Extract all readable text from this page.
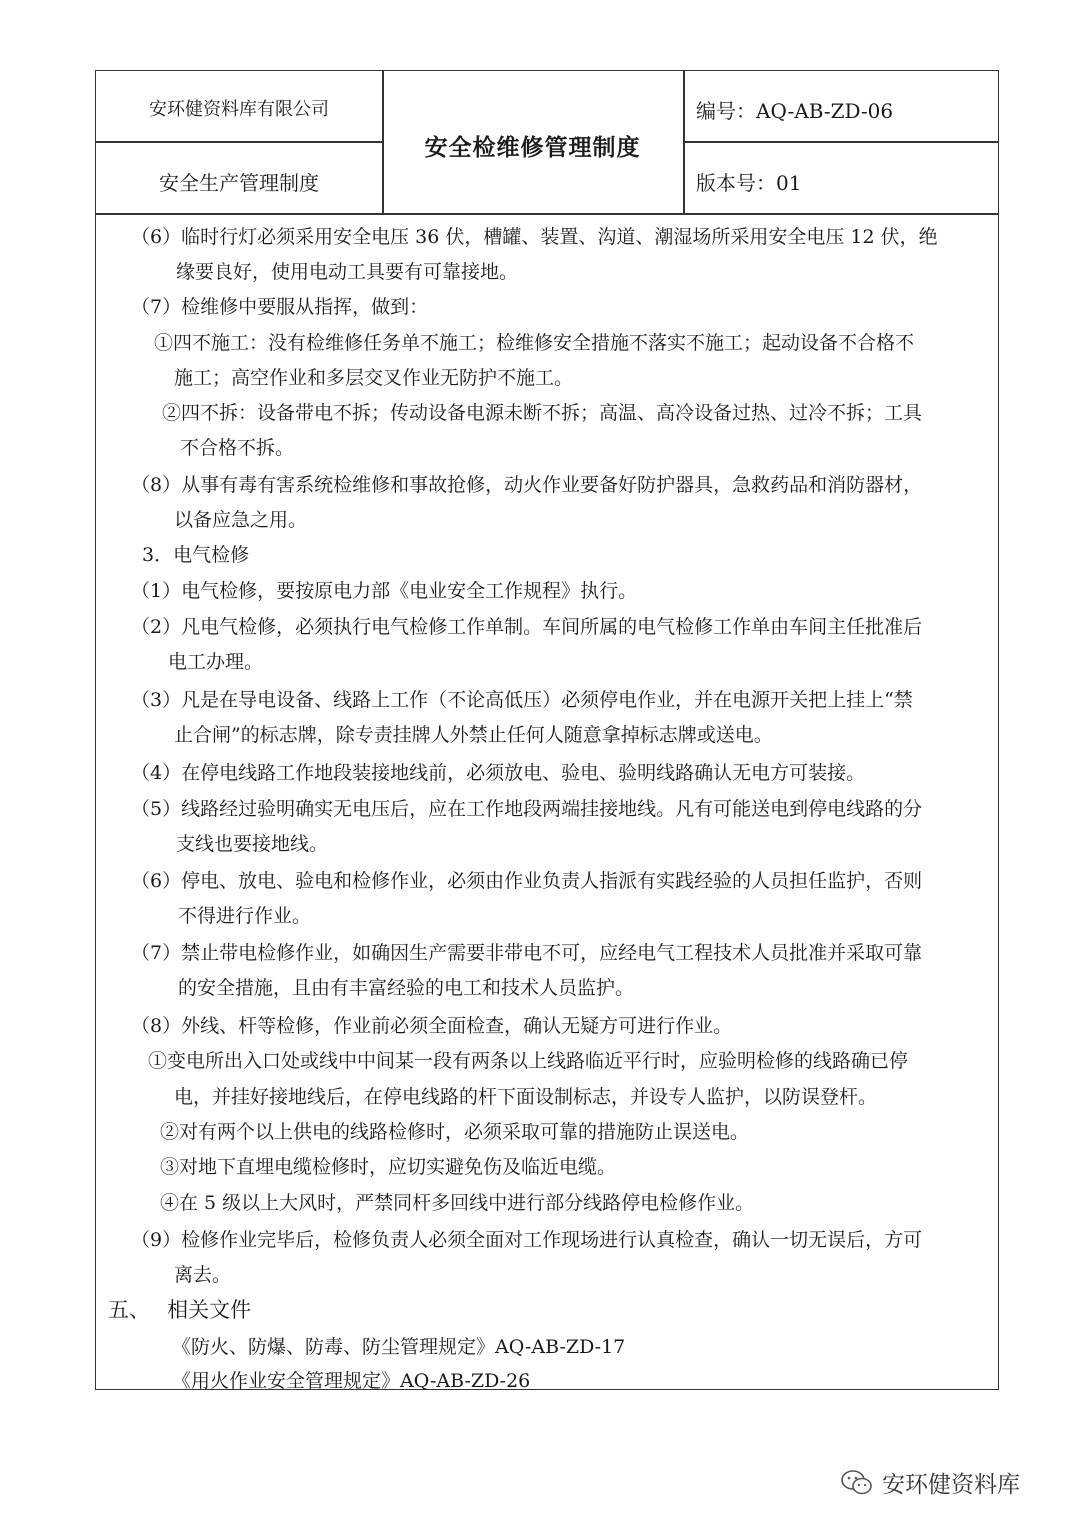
安环健资料库有限公司
安全生产管理制度
安全检维修管理制度
编号：AQ-AB-ZD-06
版本号：01
（6）临时行灯必须采用安全电压 36 伏，槽罐、装置、沟道、潮湿场所采用安全电压 12 伏，绝
缘要良好，使用电动工具要有可靠接地。
（7）检维修中要服从指挥，做到：
①四不施工：没有检维修任务单不施工；检维修安全措施不落实不施工；起动设备不合格不
施工；高空作业和多层交叉作业无防护不施工。
②四不拆：设备带电不拆；传动设备电源未断不拆；高温、高冷设备过热、过冷不拆；工具
不合格不拆。
（8）从事有毒有害系统检维修和事故抢修，动火作业要备好防护器具，急救药品和消防器材，
以备应急之用。
3．电气检修
（1）电气检修，要按原电力部《电业安全工作规程》执行。
（2）凡电气检修，必须执行电气检修工作单制。车间所属的电气检修工作单由车间主任批准后
电工办理。
（3）凡是在导电设备、线路上工作（不论高低压）必须停电作业，并在电源开关把上挂上“禁
止合闸”的标志牌，除专责挂牌人外禁止任何人随意拿掉标志牌或送电。
（4）在停电线路工作地段装接地线前，必须放电、验电、验明线路确认无电方可装接。
（5）线路经过验明确实无电压后，应在工作地段两端挂接地线。凡有可能送电到停电线路的分
支线也要接地线。
（6）停电、放电、验电和检修作业，必须由作业负责人指派有实践经验的人员担任监护，否则
不得进行作业。
（7）禁止带电检修作业，如确因生产需要非带电不可，应经电气工程技术人员批准并采取可靠
的安全措施，且由有丰富经验的电工和技术人员监护。
（8）外线、杆等检修，作业前必须全面检查，确认无疑方可进行作业。
①变电所出入口处或线中中间某一段有两条以上线路临近平行时，应验明检修的线路确已停
电，并挂好接地线后，在停电线路的杆下面设制标志，并设专人监护，以防误登杆。
②对有两个以上供电的线路检修时，必须采取可靠的措施防止误送电。
③对地下直埋电缆检修时，应切实避免伤及临近电缆。
④在 5 级以上大风时，严禁同杆多回线中进行部分线路停电检修作业。
（9）检修作业完毕后，检修负责人必须全面对工作现场进行认真检查，确认一切无误后，方可
离去。
五、　 相关文件
《防火、防爆、防毒、防尘管理规定》AQ-AB-ZD-17
《用火作业安全管理规定》AQ-AB-ZD-26
安环健资料库
